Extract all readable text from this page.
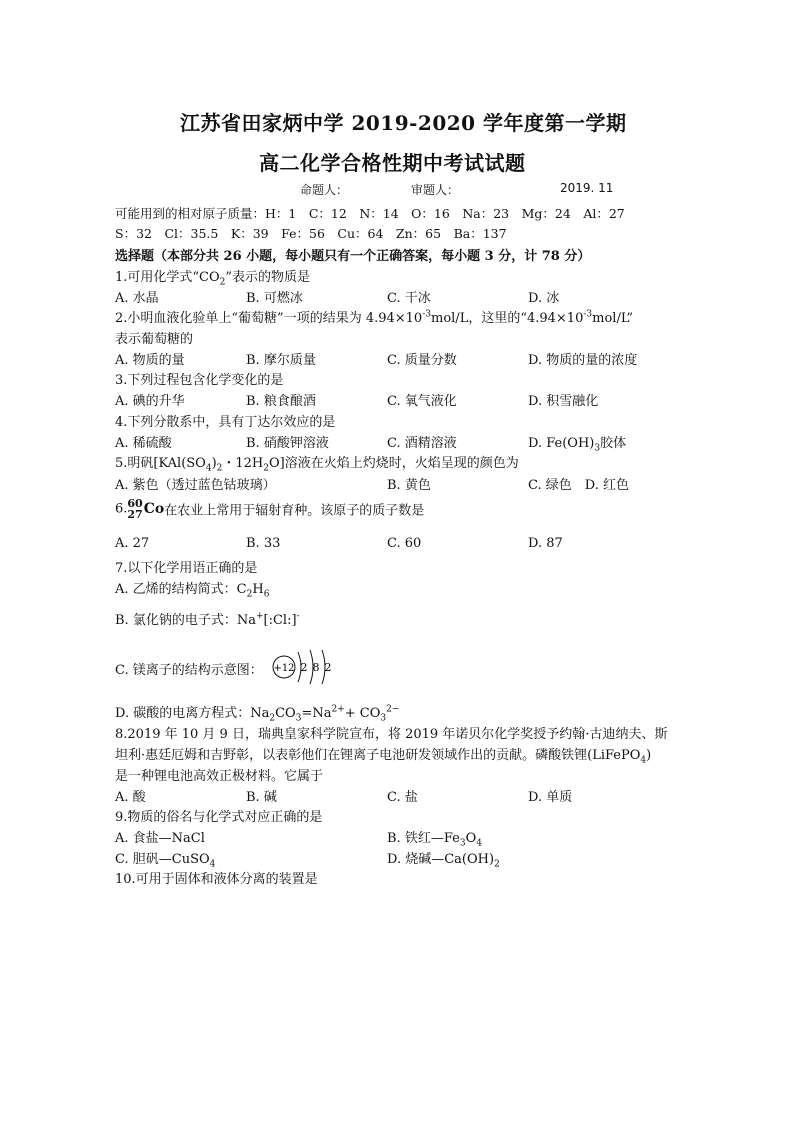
江苏省田家炳中学 2019-2020 学年度第一学期
高二化学合格性期中考试试题
命题人：	审题人：	2019. 11
可能用到的相对原子质量：H：1　C：12　N：14　O：16　Na：23　Mg：24　Al：27
S：32　Cl：35.5　K：39　Fe：56　Cu：64　Zn：65　Ba：137
选择题（本部分共 26 小题，每小题只有一个正确答案，每小题 3 分，计 78 分）
1.可用化学式“$CO_2$”表示的物质是
A. 水晶	B. 可燃冰	C. 干冰	D. 冰
2.小明血液化验单上“葡萄糖”一项的结果为 $4.94\times 10^{-3}mol/L$，这里的“$4.94\times 10^{-3}mol/L$”
表示葡萄糖的
A. 物质的量	B. 摩尔质量	C. 质量分数	D. 物质的量的浓度
3.下列过程包含化学变化的是
A. 碘的升华	B. 粮食酿酒	C. 氧气液化	D. 积雪融化
4.下列分散系中，具有丁达尔效应的是
A. 稀硫酸	B. 硝酸钾溶液	C. 酒精溶液	D. $Fe(OH)_3$胶体
5.明矾[$KAl(SO_4)_2$・$12H_2O$]溶液在火焰上灼烧时，火焰呈现的颜色为
A. 紫色（透过蓝色钴玻璃）	B. 黄色	C. 绿色　D. 红色
6. 60
27 Co在农业上常用于辐射育种。该原子的质子数是
A. 27	B. 33	C. 60	D. 87
7.以下化学用语正确的是
A. 乙烯的结构简式：$C_2H_6$
B. 氯化钠的电子式：Na+[:Cl:]-
C. 镁离子的结构示意图： +12 2 8 2
D. 碳酸的电离方程式：$Na_2CO_3=Na^{2+}+ CO_3^{2-}$
8.2019 年 10 月 9 日，瑞典皇家科学院宣布，将 2019 年诺贝尔化学奖授予约翰·古迪纳夫、斯
坦利·惠廷厄姆和吉野彰，以表彰他们在锂离子电池研发领域作出的贡献。磷酸铁锂(LiFePO$_4$)
是一种锂电池高效正极材料。它属于
A. 酸	B. 碱	C. 盐	D. 单质
9.物质的俗名与化学式对应正确的是
A. 食盐—NaCl	B. 铁红$—Fe_3O_4$
C. 胆矾—CuSO$_4$	D. 烧碱$—Ca(OH)_2$
10.可用于固体和液体分离的装置是
